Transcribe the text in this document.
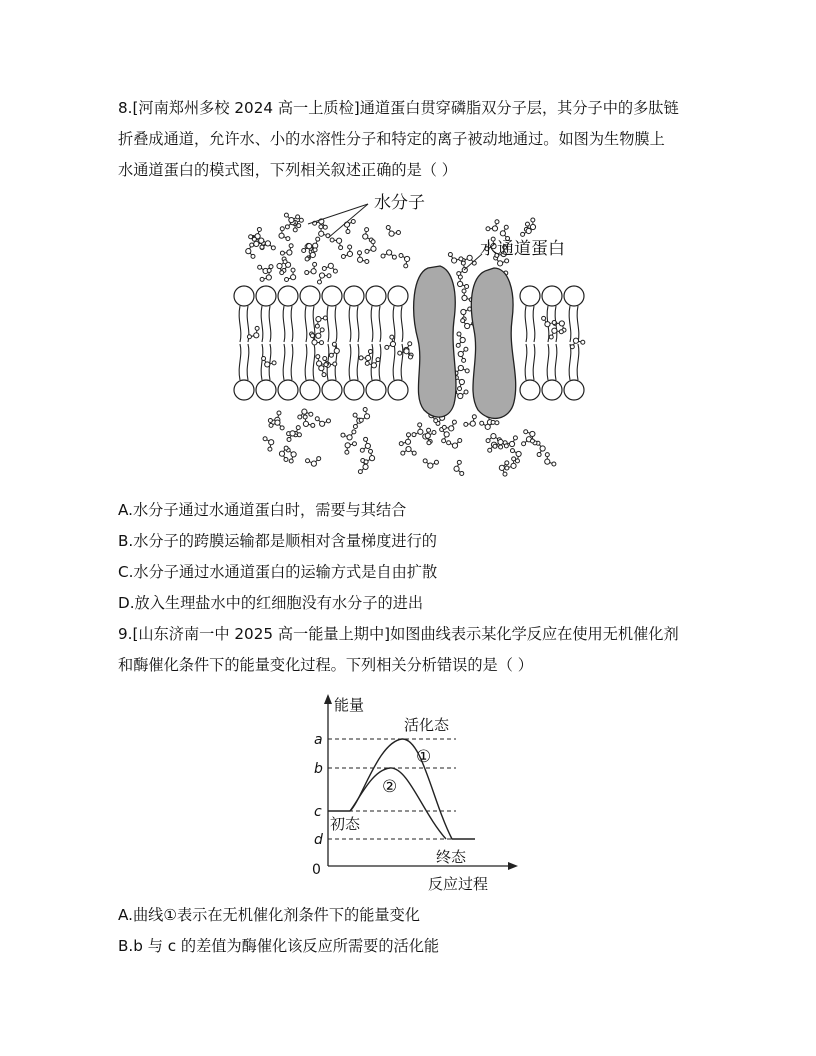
8.[河南郑州多校 2024 高一上质检]通道蛋白贯穿磷脂双分子层，其分子中的多肽链
折叠成通道，允许水、小的水溶性分子和特定的离子被动地通过。如图为生物膜上
水通道蛋白的模式图，下列相关叙述正确的是（ ）
水分子
水通道蛋白
A.水分子通过水通道蛋白时，需要与其结合
B.水分子的跨膜运输都是顺相对含量梯度进行的
C.水分子通过水通道蛋白的运输方式是自由扩散
D.放入生理盐水中的红细胞没有水分子的进出
9.[山东济南一中 2025 高一能量上期中]如图曲线表示某化学反应在使用无机催化剂
和酶催化条件下的能量变化过程。下列相关分析错误的是（ ）
能量
反应过程
0
a
b
c
d
活化态
初态
终态
①
②
A.曲线①表示在无机催化剂条件下的能量变化
B.b 与 c 的差值为酶催化该反应所需要的活化能
